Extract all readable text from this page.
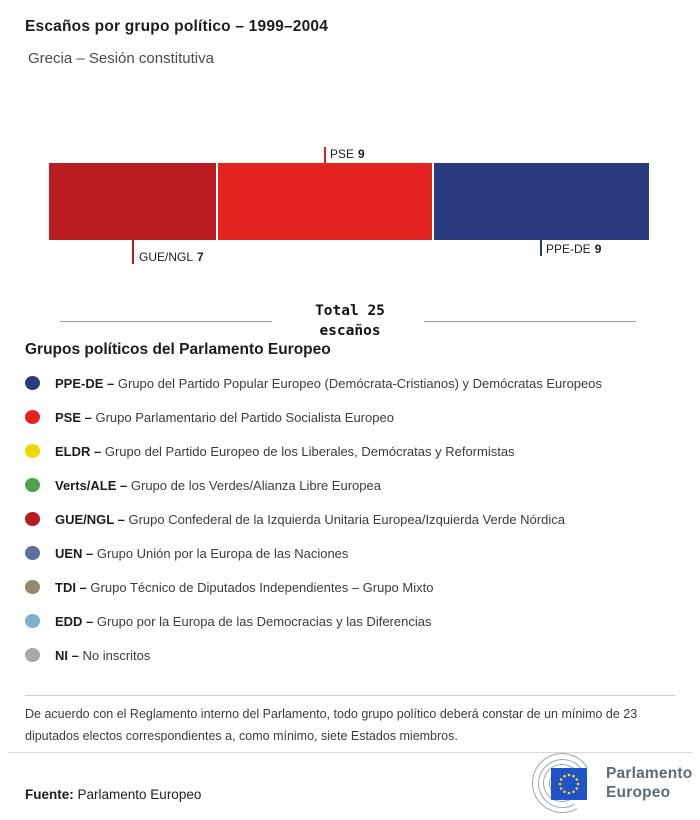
Escaños por grupo político – 1999–2004
Grecia – Sesión constitutiva
PSE 9
GUE/NGL 7
PPE-DE 9
Total 25
escaños
Grupos políticos del Parlamento Europeo
PPE-DE – Grupo del Partido Popular Europeo (Demócrata-Cristianos) y Demócratas Europeos
PSE – Grupo Parlamentario del Partido Socialista Europeo
ELDR – Grupo del Partido Europeo de los Liberales, Demócratas y Reformistas
Verts/ALE – Grupo de los Verdes/Alianza Libre Europea
GUE/NGL – Grupo Confederal de la Izquierda Unitaria Europea/Izquierda Verde Nórdica
UEN – Grupo Unión por la Europa de las Naciones
TDI – Grupo Técnico de Diputados Independientes – Grupo Mixto
EDD – Grupo por la Europa de las Democracias y las Diferencias
NI – No inscritos
De acuerdo con el Reglamento interno del Parlamento, todo grupo político deberá constar de un mínimo de 23 diputados electos correspondientes a, como mínimo, siete Estados miembros.
Fuente: Parlamento Europeo
Parlamento
Europeo
